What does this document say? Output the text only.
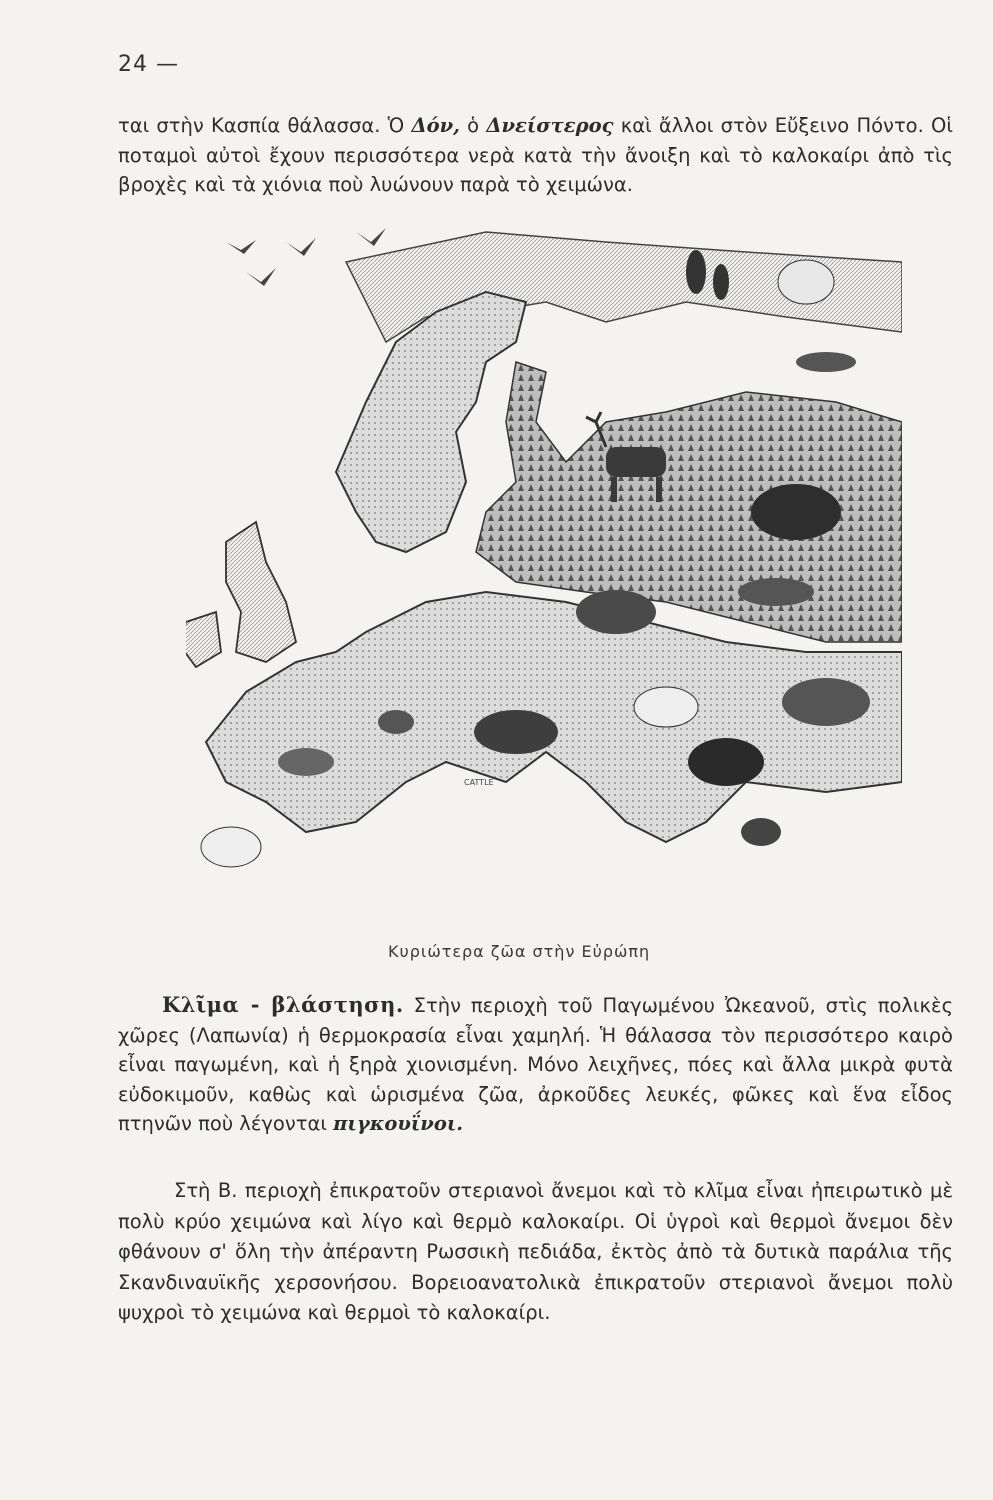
24 —
ται στὴν Κασπία θάλασσα. Ὁ Δόν, ὁ Δνείστερος καὶ ἄλλοι στὸν Εὔξεινο Πόντο. Οἱ ποταμοὶ αὐτοὶ ἔχουν περισσότερα νερὰ κατὰ τὴν ἄνοιξη καὶ τὸ καλοκαίρι ἀπὸ τὶς βροχὲς καὶ τὰ χιόνια ποὺ λυώνουν παρὰ τὸ χειμώνα.
CATTLE
Κυριώτερα ζῶα στὴν Εὐρώπη
Κλῖμα - βλάστηση. Στὴν περιοχὴ τοῦ Παγωμένου Ὠκεανοῦ, στὶς πολικὲς χῶρες (Λαπωνία) ἡ θερμοκρασία εἶναι χαμηλή. Ἡ θάλασσα τὸν περισσότερο καιρὸ εἶναι παγωμένη, καὶ ἡ ξηρὰ χιονισμένη. Μόνο λειχῆνες, πόες καὶ ἄλλα μικρὰ φυτὰ εὐδοκιμοῦν, καθὼς καὶ ὡρισμένα ζῶα, ἀρκοῦδες λευκές, φῶκες καὶ ἕνα εἶδος πτηνῶν ποὺ λέγονται πιγκουΐνοι.
Στὴ Β. περιοχὴ ἐπικρατοῦν στεριανοὶ ἄνεμοι καὶ τὸ κλῖμα εἶναι ἠπειρωτικὸ μὲ πολὺ κρύο χειμώνα καὶ λίγο καὶ θερμὸ καλοκαίρι. Οἱ ὑγροὶ καὶ θερμοὶ ἄνεμοι δὲν φθάνουν σ' ὅλη τὴν ἀπέραντη Ρωσσικὴ πεδιάδα, ἐκτὸς ἀπὸ τὰ δυτικὰ παράλια τῆς Σκανδιναυϊκῆς χερσονήσου. Βορειοανατολικὰ ἐπικρατοῦν στεριανοὶ ἄνεμοι πολὺ ψυχροὶ τὸ χειμώνα καὶ θερμοὶ τὸ καλοκαίρι.
